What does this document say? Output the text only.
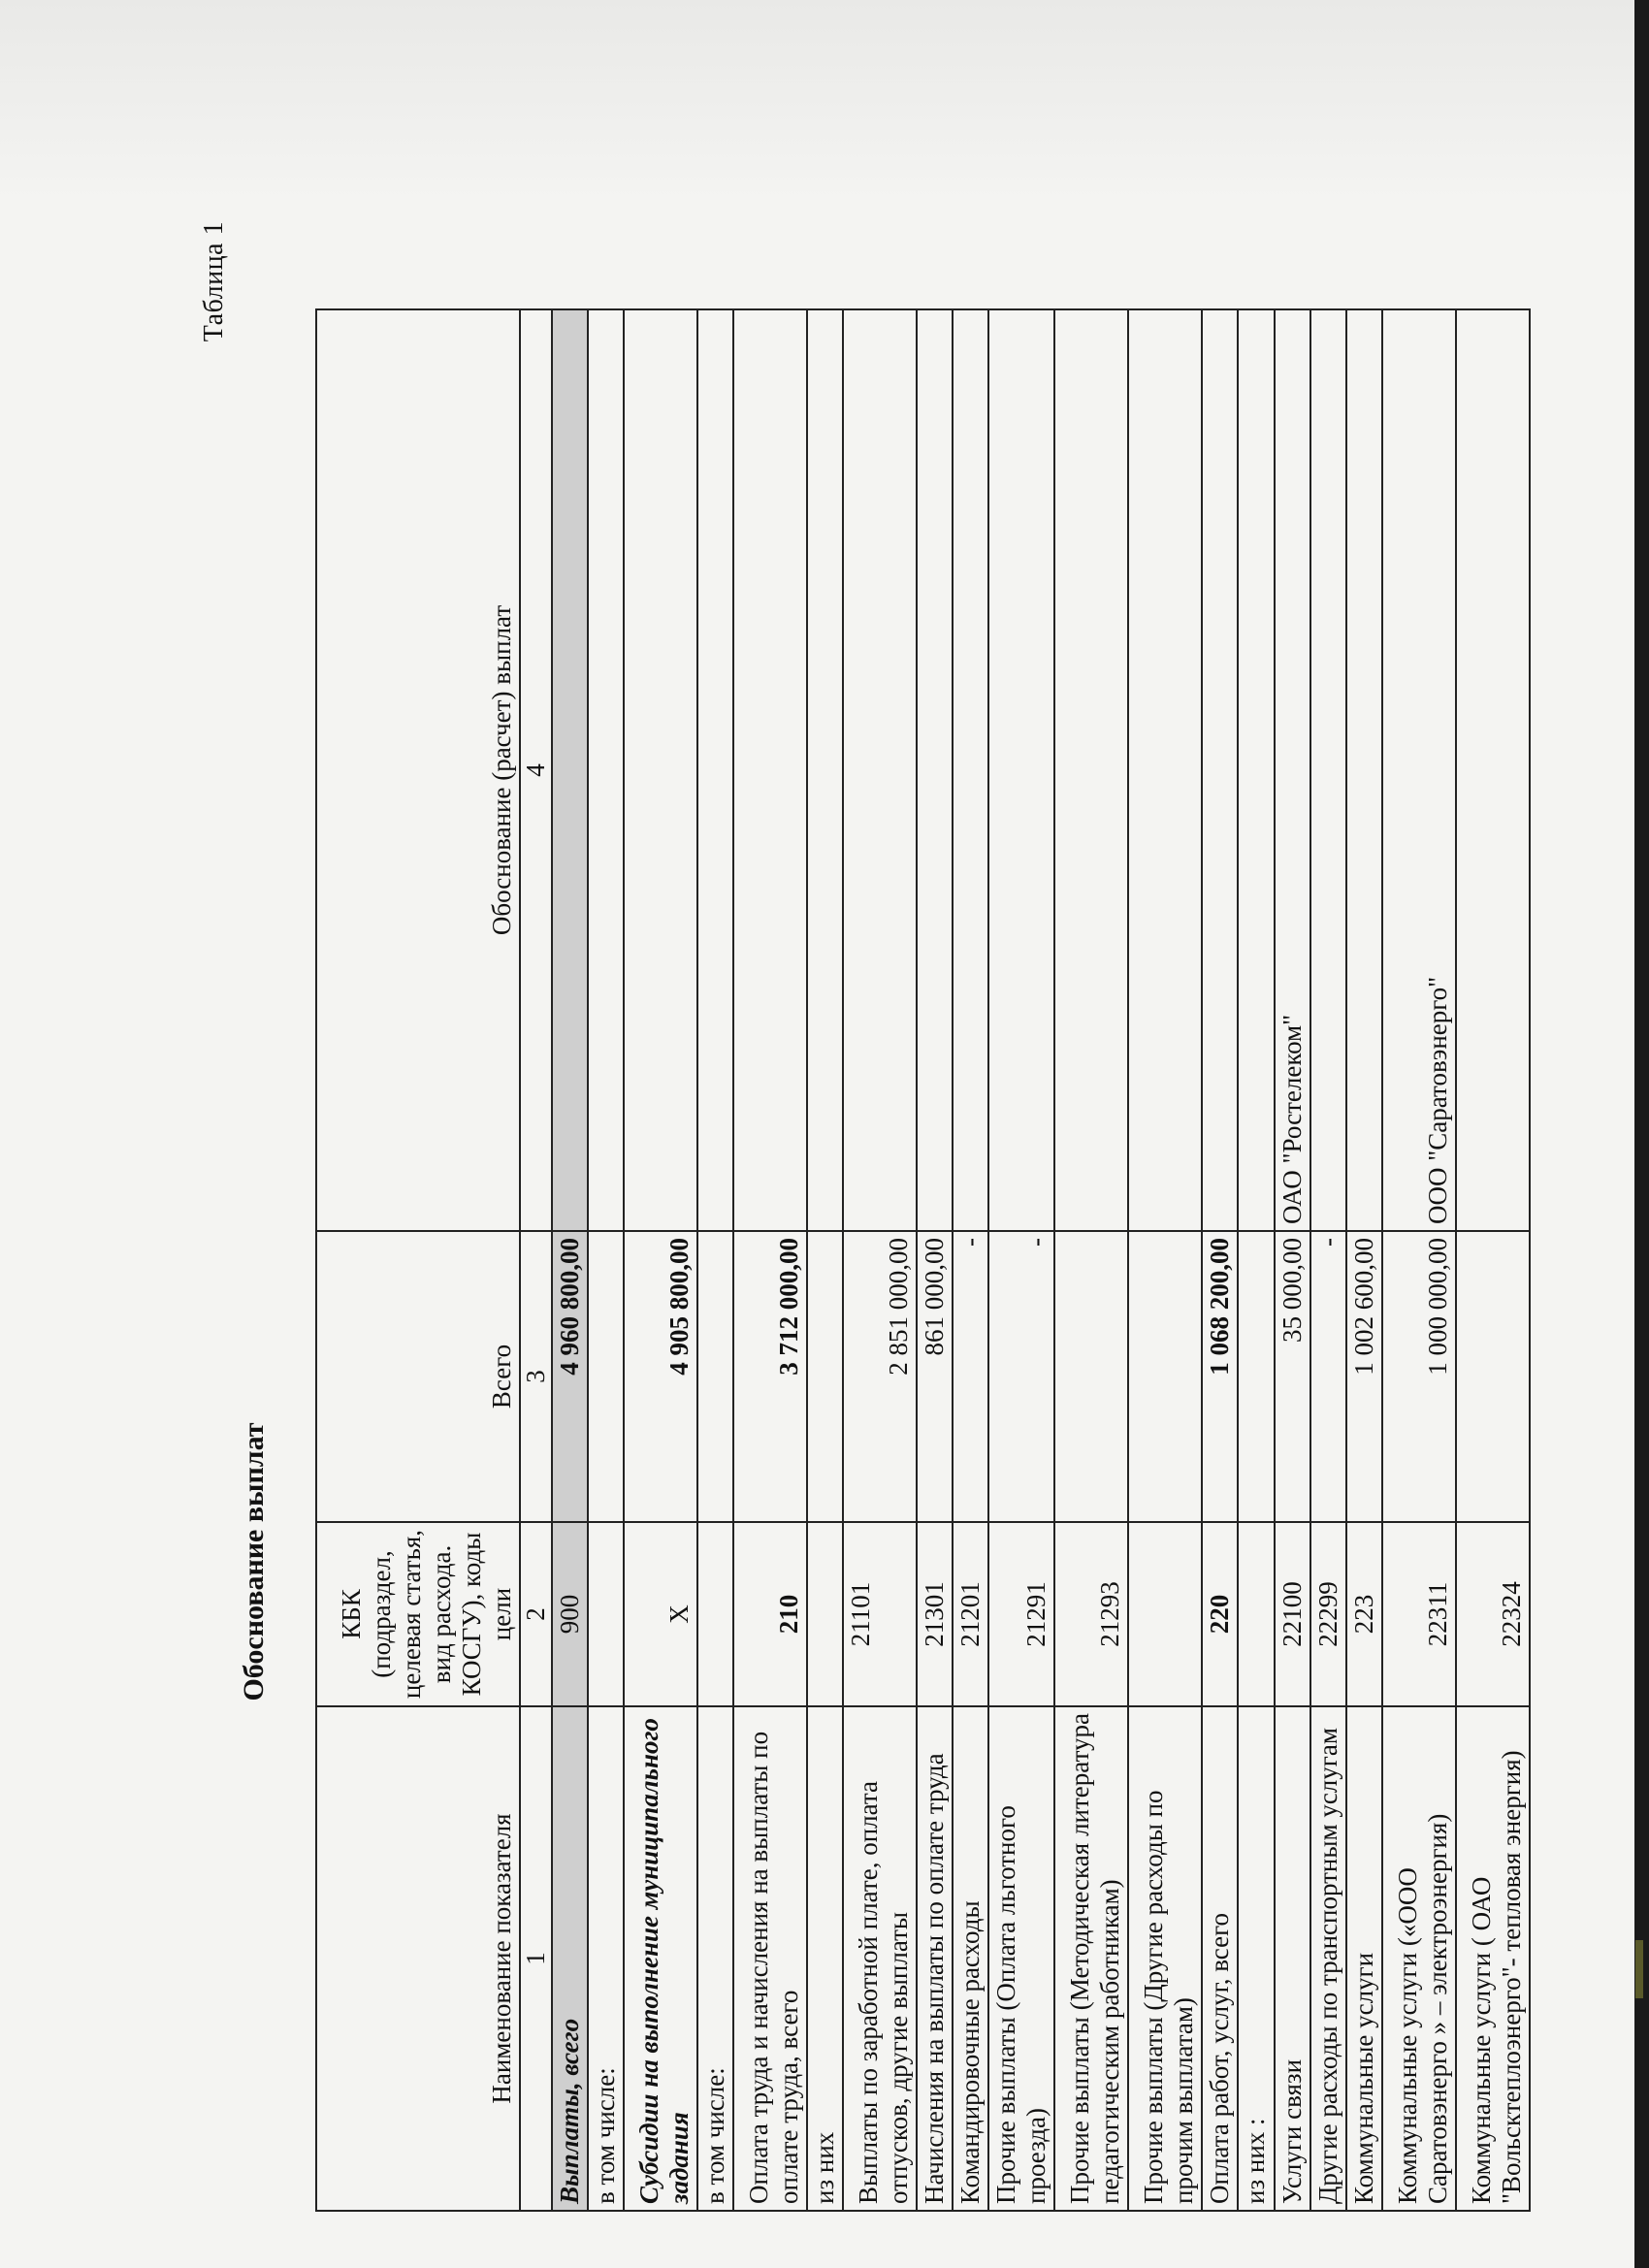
Таблица 1
Обоснование выплат
Наименование показателя	КБК (подраздел, целевая статья, вид расхода. КОСГУ), коды цели	Всего	Обоснование (расчет) выплат
1	2	3	4
Выплаты, всего	900	4 960 800,00	
в том числе:			
Субсидии на выполнение муниципального задания	X	4 905 800,00	
в том числе:			
Оплата труда и начисления на выплаты по оплате труда, всего	210	3 712 000,00	
из них			
Выплаты по заработной плате, оплата отпусков, другие выплаты	21101	2 851 000,00	
Начисления на выплаты по оплате труда	21301	861 000,00	
Командировочные расходы	21201	-	
Прочие выплаты (Оплата льготного проезда)	21291	-	
Прочие выплаты (Методическая литература педагогическим работникам)	21293		
Прочие выплаты (Другие расходы по прочим выплатам)			
Оплата работ, услуг, всего	220	1 068 200,00	
из них :			
Услуги связи	22100	35 000,00	ОАО "Ростелеком"
Другие расходы по транспортным услугам	22299	-	
Коммунальные услуги	223	1 002 600,00	
Коммунальные услуги («ООО Саратовэнерго » – электроэнергия)	22311	1 000 000,00	ООО "Саратовэнерго"
Коммунальные услуги ( ОАО "Вольсктеплоэнерго"- тепловая энергия)	22324		
